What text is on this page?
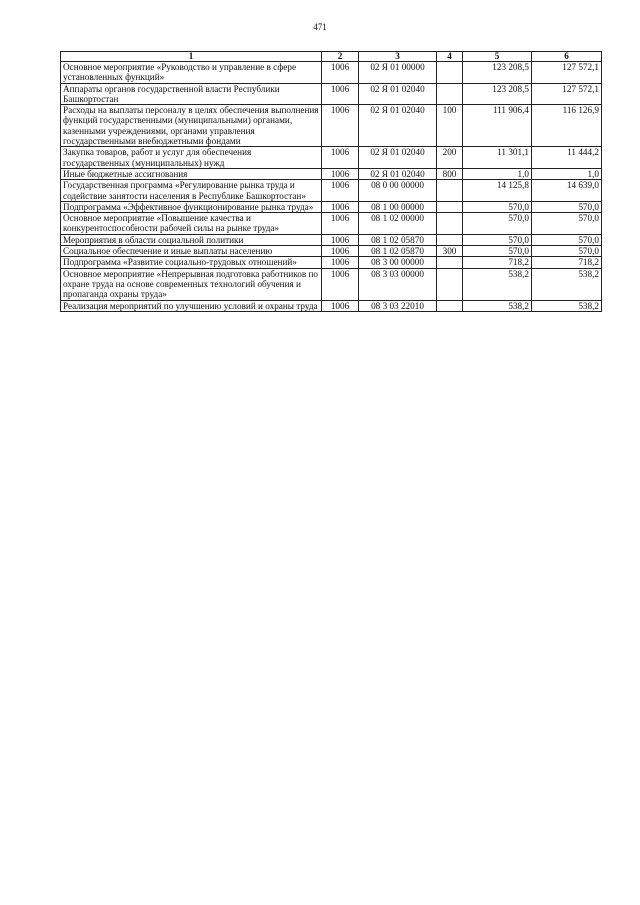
471
1	2	3	4	5	6
Основное мероприятие «Руководство и управление в сфере установленных функций»	1006	02 Я 01 00000		123 208,5	127 572,1
Аппараты органов государственной власти Республики Башкортостан	1006	02 Я 01 02040		123 208,5	127 572,1
Расходы на выплаты персоналу в целях обеспечения выполнения функций государственными (муниципальными) органами, казенными учреждениями, органами управления государственными внебюджетными фондами	1006	02 Я 01 02040	100	111 906,4	116 126,9
Закупка товаров, работ и услуг для обеспечения государственных (муниципальных) нужд	1006	02 Я 01 02040	200	11 301,1	11 444,2
Иные бюджетные ассигнования	1006	02 Я 01 02040	800	1,0	1,0
Государственная программа «Регулирование рынка труда и содействие занятости населения в Республике Башкортостан»	1006	08 0 00 00000		14 125,8	14 639,0
Подпрограмма «Эффективное функционирование рынка труда»	1006	08 1 00 00000		570,0	570,0
Основное мероприятие «Повышение качества и конкурентоспособности рабочей силы на рынке труда»	1006	08 1 02 00000		570,0	570,0
Мероприятия в области социальной политики	1006	08 1 02 05870		570,0	570,0
Социальное обеспечение и иные выплаты населению	1006	08 1 02 05870	300	570,0	570,0
Подпрограмма «Развитие социально-трудовых отношений»	1006	08 3 00 00000		718,2	718,2
Основное мероприятие «Непрерывная подготовка работников по охране труда на основе современных технологий обучения и пропаганда охраны труда»	1006	08 3 03 00000		538,2	538,2
Реализация мероприятий по улучшению условий и охраны труда	1006	08 3 03 22010		538,2	538,2
